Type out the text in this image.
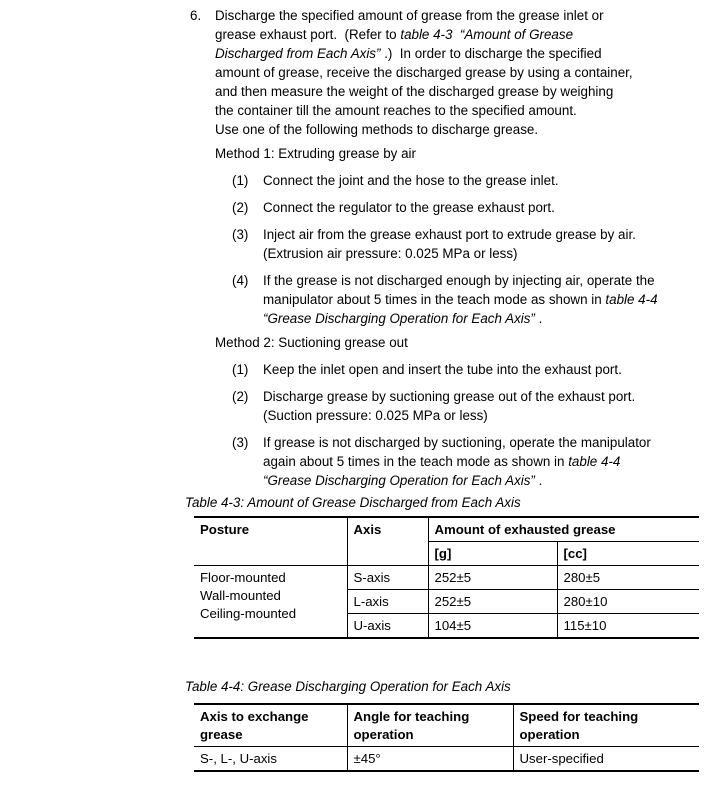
6.	Discharge the specified amount of grease from the grease inlet or
grease exhaust port.  (Refer to table 4-3  “Amount of Grease
Discharged from Each Axis” .)  In order to discharge the specified
amount of grease, receive the discharged grease by using a container,
and then measure the weight of the discharged grease by weighing
the container till the amount reaches to the specified amount.
Use one of the following methods to discharge grease.
Method 1: Extruding grease by air
(1)	Connect the joint and the hose to the grease inlet.
(2)	Connect the regulator to the grease exhaust port.
(3)	Inject air from the grease exhaust port to extrude grease by air.
(Extrusion air pressure: 0.025 MPa or less)
(4)	If the grease is not discharged enough by injecting air, operate the
manipulator about 5 times in the teach mode as shown in table 4-4
“Grease Discharging Operation for Each Axis” .
Method 2: Suctioning grease out
(1)	Keep the inlet open and insert the tube into the exhaust port.
(2)	Discharge grease by suctioning grease out of the exhaust port.
(Suction pressure: 0.025 MPa or less)
(3)	If grease is not discharged by suctioning, operate the manipulator
again about 5 times in the teach mode as shown in table 4-4
“Grease Discharging Operation for Each Axis” .
Table 4-3: Amount of Grease Discharged from Each Axis
Posture	Axis	Amount of exhausted grease	
		[g]	[cc]

Floor-mounted
Wall-mounted
Ceiling-mounted	S-axis	252±5	280±5
	L-axis	252±5	280±10
	U-axis	104±5	115±10
Table 4-4: Grease Discharging Operation for Each Axis
Axis to exchange grease	Angle for teaching operation	Speed for teaching operation
S-, L-, U-axis	±45°	User-specified
